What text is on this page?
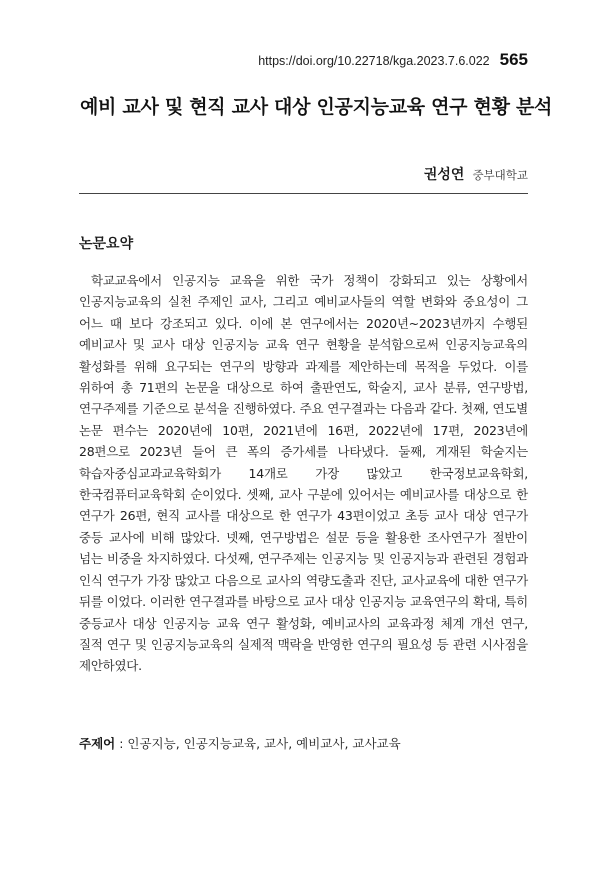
https://doi.org/10.22718/kga.2023.7.6.022 565
예비 교사 및 현직 교사 대상 인공지능교육 연구 현황 분석
권성연 중부대학교
논문요약
학교교육에서 인공지능 교육을 위한 국가 정책이 강화되고 있는 상황에서 인공지능교육의 실천 주제인 교사, 그리고 예비교사들의 역할 변화와 중요성이 그 어느 때 보다 강조되고 있다. 이에 본 연구에서는 2020년~2023년까지 수행된 예비교사 및 교사 대상 인공지능 교육 연구 현황을 분석함으로써 인공지능교육의 활성화를 위해 요구되는 연구의 방향과 과제를 제안하는데 목적을 두었다. 이를 위하여 총 71편의 논문을 대상으로 하여 출판연도, 학술지, 교사 분류, 연구방법, 연구주제를 기준으로 분석을 진행하였다. 주요 연구결과는 다음과 같다. 첫째, 연도별 논문 편수는 2020년에 10편, 2021년에 16편, 2022년에 17편, 2023년에 28편으로 2023년 들어 큰 폭의 증가세를 나타냈다. 둘째, 게재된 학술지는 학습자중심교과교육학회가 14개로 가장 많았고 한국정보교육학회, 한국컴퓨터교육학회 순이었다. 셋째, 교사 구분에 있어서는 예비교사를 대상으로 한 연구가 26편, 현직 교사를 대상으로 한 연구가 43편이었고 초등 교사 대상 연구가 중등 교사에 비해 많았다. 넷째, 연구방법은 설문 등을 활용한 조사연구가 절반이 넘는 비중을 차지하였다. 다섯째, 연구주제는 인공지능 및 인공지능과 관련된 경험과 인식 연구가 가장 많았고 다음으로 교사의 역량도출과 진단, 교사교육에 대한 연구가 뒤를 이었다. 이러한 연구결과를 바탕으로 교사 대상 인공지능 교육연구의 확대, 특히 중등교사 대상 인공지능 교육 연구 활성화, 예비교사의 교육과정 체계 개선 연구, 질적 연구 및 인공지능교육의 실제적 맥락을 반영한 연구의 필요성 등 관련 시사점을 제안하였다.
주제어 : 인공지능, 인공지능교육, 교사, 예비교사, 교사교육
